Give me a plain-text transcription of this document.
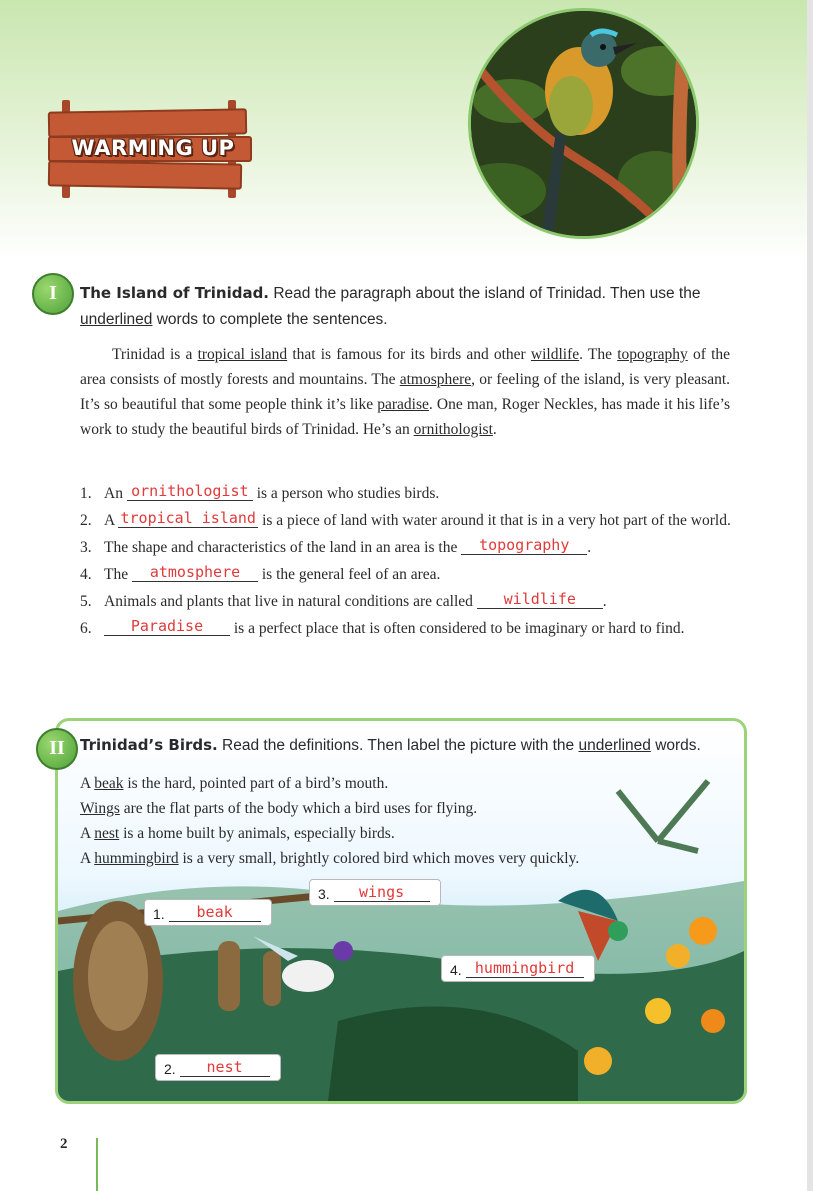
WARMING UP
I	The Island of Trinidad. Read the paragraph about the island of Trinidad. Then use the
underlined words to complete the sentences.
Trinidad is a tropical island that is famous for its birds and other wildlife. The topography of the area consists of mostly forests and mountains. The atmosphere, or feeling of the island, is very pleasant. It’s so beautiful that some people think it’s like paradise. One man, Roger Neckles, has made it his life’s work to study the beautiful birds of Trinidad. He’s an ornithologist.
1. An ornithologist is a person who studies birds.
2. A tropical island is a piece of land with water around it that is in a very hot part of the world.
3. The shape and characteristics of the land in an area is the topography .
4. The atmosphere is the general feel of an area.
5. Animals and plants that live in natural conditions are called wildlife .
6.	Paradise is a perfect place that is often considered to be imaginary or hard to find.
II	Trinidad’s Birds. Read the definitions. Then label the picture with the underlined words.
A beak is the hard, pointed part of a bird’s mouth.
Wings are the flat parts of the body which a bird uses for flying.
A nest is a home built by animals, especially birds.
A hummingbird is a very small, brightly colored bird which moves very quickly.
1. beak
2. nest
3. wings
4. hummingbird
2
